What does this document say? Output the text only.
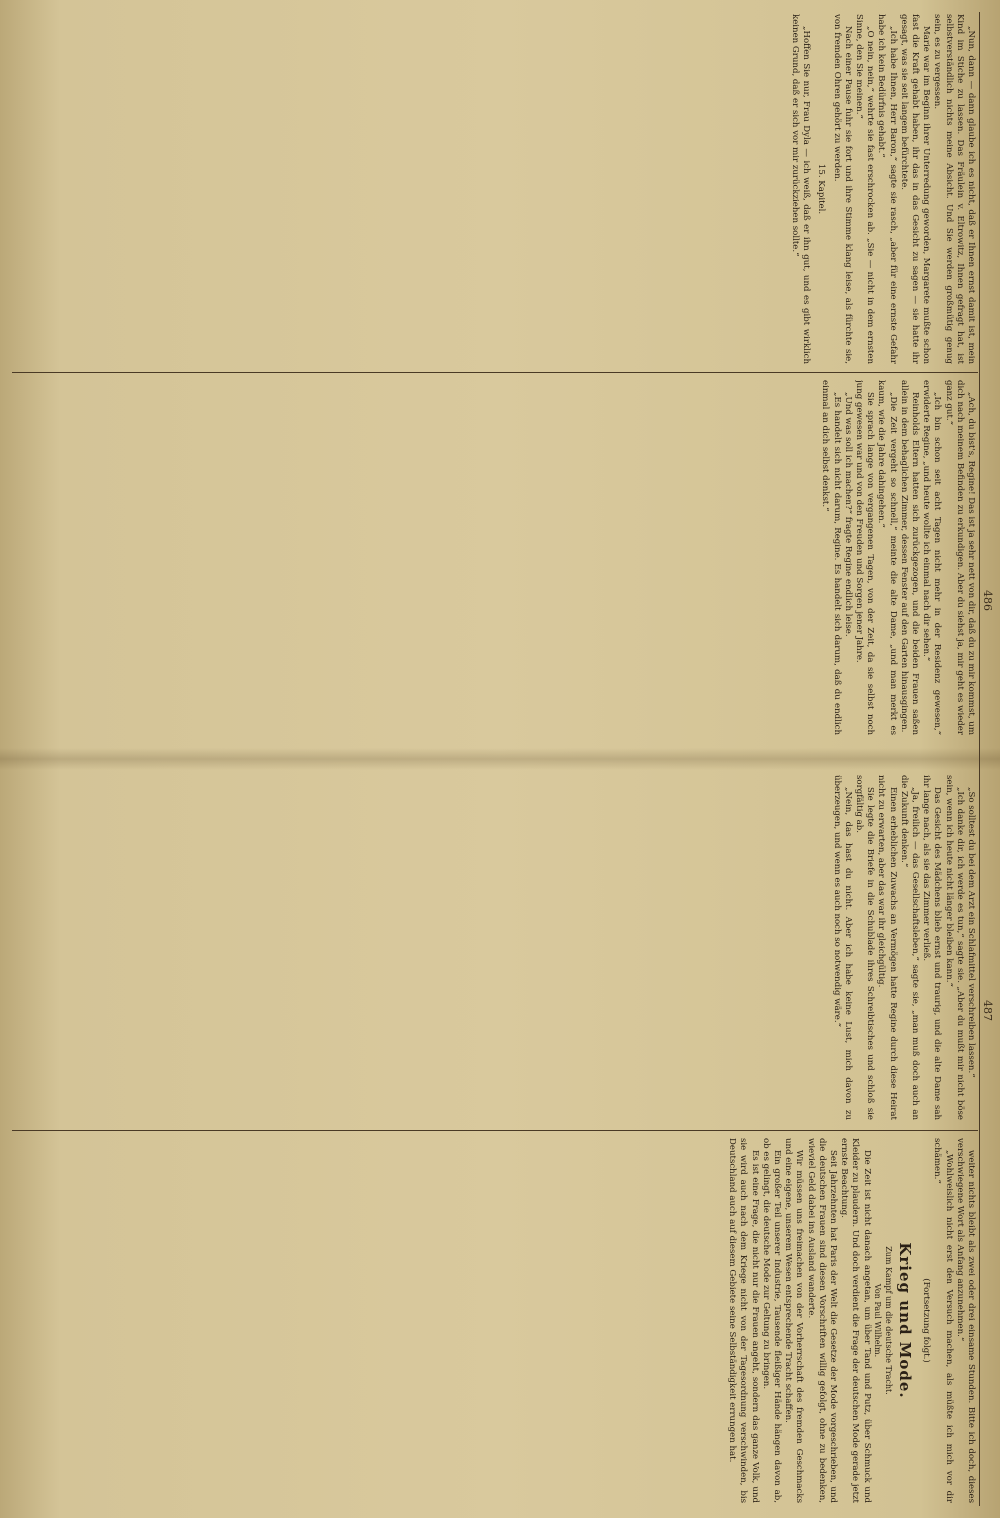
486
487

„Nun, dann — dann glaube ich es nicht, daß er Ihnen ernst damit ist, mein Kind im Stiche zu lassen. Das Fräulein v. Eltrowitz, Ihnen gefragt hat, ist selbstverständlich nichts meine Absicht. Und Sie werden großmütig genug sein, es zu vergessen.

Marie war im Beginn ihrer Unterredung geworden, Margarete mußte schon fast die Kraft gehabt haben, ihr das in das Gesicht zu sagen — sie hatte ihr gesagt, was sie seit langem befürchtete.

„Ich habe Ihnen, Herr Baron,“ sagte sie rasch, „aber für eine ernste Gefahr habe ich kein Bedürfnis gehabt.“

„O nein, nein,“ wehrte sie fast erschrocken ab. „Sie — nicht in dem ernsten Sinne, den Sie meinen.“

Nach einer Pause fuhr sie fort und ihre Stimme klang leise, als fürchte sie, von fremden Ohren gehört zu werden.

15. Kapitel.

„Hoffen Sie nur, Frau Dyla — ich weiß, daß er ihn gut, und es gibt wirklich keinen Grund, daß er sich vor mir zurückziehen sollte.“

„Ach, du bist's, Regine! Das ist ja sehr nett von dir, daß du zu mir kommst, um dich nach meinem Befinden zu erkundigen. Aber du siehst ja, mir geht es wieder ganz gut.“

„Ich bin schon seit acht Tagen nicht mehr in der Residenz gewesen,“ erwiderte Regine, „und heute wollte ich einmal nach dir sehen.“

Reinholds Eltern hatten sich zurückgezogen, und die beiden Frauen saßen allein in dem behaglichen Zimmer, dessen Fenster auf den Garten hinausgingen.

„Die Zeit vergeht so schnell,“ meinte die alte Dame, „und man merkt es kaum, wie die Jahre dahingehen.“

Sie sprach lange von vergangenen Tagen, von der Zeit, da sie selbst noch jung gewesen war und von den Freuden und Sorgen jener Jahre.

„Und was soll ich machen?“ fragte Regine endlich leise.

„Es handelt sich nicht darum, Regine. Es handelt sich darum, daß du endlich einmal an dich selbst denkst.“

„So solltest du bei dem Arzt ein Schlafmittel verschreiben lassen.“

„Ich danke dir, ich werde es tun,“ sagte sie. „Aber du mußt mir nicht böse sein, wenn ich heute nicht länger bleiben kann.“

Das Gesicht des Mädchens blieb ernst und traurig, und die alte Dame sah ihr lange nach, als sie das Zimmer verließ.

„Ja, freilich — das Gesellschaftsleben,“ sagte sie, „man muß doch auch an die Zukunft denken.“

Einen erheblichen Zuwachs an Vermögen hatte Regine durch diese Heirat nicht zu erwarten, aber das war ihr gleichgültig.

Sie legte die Briefe in die Schublade ihres Schreibtisches und schloß sie sorgfältig ab.

„Nein, das hast du nicht. Aber ich habe keine Lust, mich davon zu überzeugen, und wenn es auch noch so notwendig wäre.“

weiter nichts bleibt als zwei oder drei einsame Stunden. Bitte ich doch, dieses verschwiegene Wort als Anfang anzunehmen.“

„Wohlweislich nicht erst den Versuch machen, als müßte ich mich vor dir schämen.“

(Fortsetzung folgt.)

Krieg und Mode.

Zum Kampf um die deutsche Tracht.

Von Paul Wilhelm.

Die Zeit ist nicht danach angetan, um über Tand und Putz, über Schmuck und Kleider zu plaudern. Und doch verdient die Frage der deutschen Mode gerade jetzt ernste Beachtung.

Seit Jahrzehnten hat Paris der Welt die Gesetze der Mode vorgeschrieben, und die deutschen Frauen sind diesen Vorschriften willig gefolgt, ohne zu bedenken, wieviel Geld dabei ins Ausland wanderte.

Wir müssen uns freimachen von der Vorherrschaft des fremden Geschmacks und eine eigene, unserem Wesen entsprechende Tracht schaffen.

Ein großer Teil unserer Industrie, Tausende fleißiger Hände hängen davon ab, ob es gelingt, die deutsche Mode zur Geltung zu bringen.

Es ist eine Frage, die nicht nur die Frauen angeht, sondern das ganze Volk, und sie wird auch nach dem Kriege nicht von der Tagesordnung verschwinden, bis Deutschland auch auf diesem Gebiete seine Selbständigkeit errungen hat.
